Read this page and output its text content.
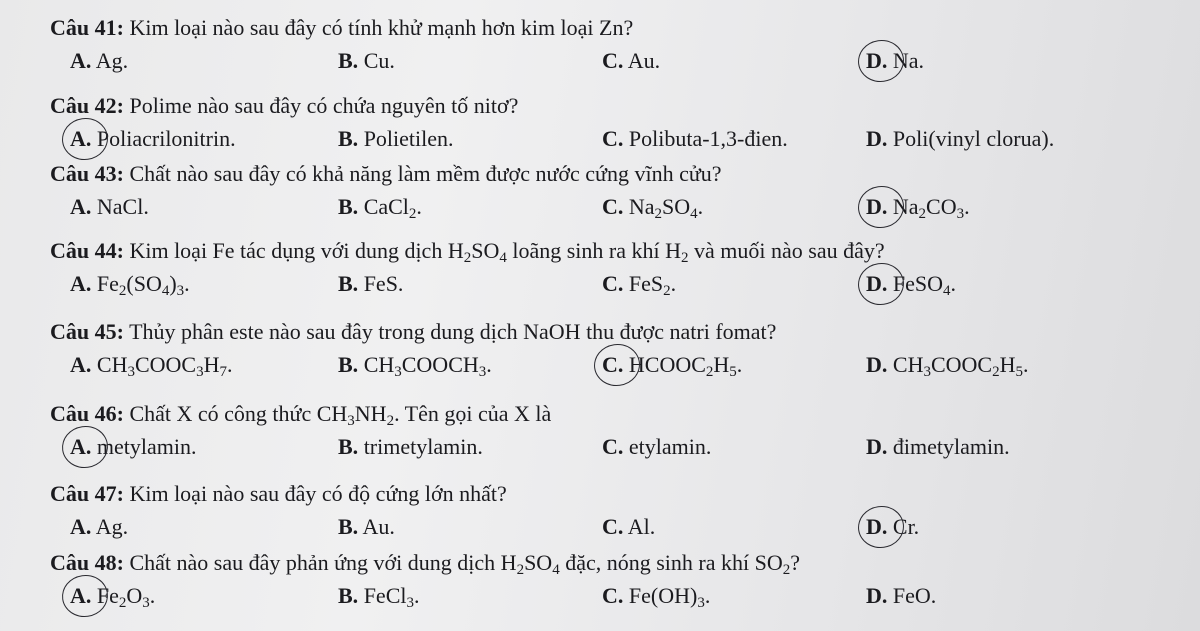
Câu 41: Kim loại nào sau đây có tính khử mạnh hơn kim loại Zn?
A. Ag.	B. Cu.	C. Au.	D. Na.
Câu 42: Polime nào sau đây có chứa nguyên tố nitơ?
A. Poliacrilonitrin.	B. Polietilen.	C. Polibuta-1,3-đien.	D. Poli(vinyl clorua).
Câu 43: Chất nào sau đây có khả năng làm mềm được nước cứng vĩnh cửu?
A. NaCl.	B. CaCl$_2$.	C. $Na_2SO_4$.	D. $Na_2CO_3$.
Câu 44: Kim loại Fe tác dụng với dung dịch $H_2SO_4$ loãng sinh ra khí $H_2$ và muối nào sau đây?
A. $Fe_2(SO_4)_3$.	B. FeS.	C. FeS$_2$.	D. FeSO$_4$.
Câu 45: Thủy phân este nào sau đây trong dung dịch NaOH thu được natri fomat?
A. $CH_3COOC_3H_7$.	B. $CH_3COOCH_3$.	C. $HCOOC_2H_5$.	D. $CH_3COOC_2H_5$.
Câu 46: Chất X có công thức $CH_3NH_2$. Tên gọi của X là
A. metylamin.	B. trimetylamin.	C. etylamin.	D. đimetylamin.
Câu 47: Kim loại nào sau đây có độ cứng lớn nhất?
A. Ag.	B. Au.	C. Al.	D. Cr.
Câu 48: Chất nào sau đây phản ứng với dung dịch $H_2SO_4$ đặc, nóng sinh ra khí $SO_2$?
A. $Fe_2O_3$.	B. FeCl$_3$.	C. $Fe(OH)_3$.	D. FeO.
